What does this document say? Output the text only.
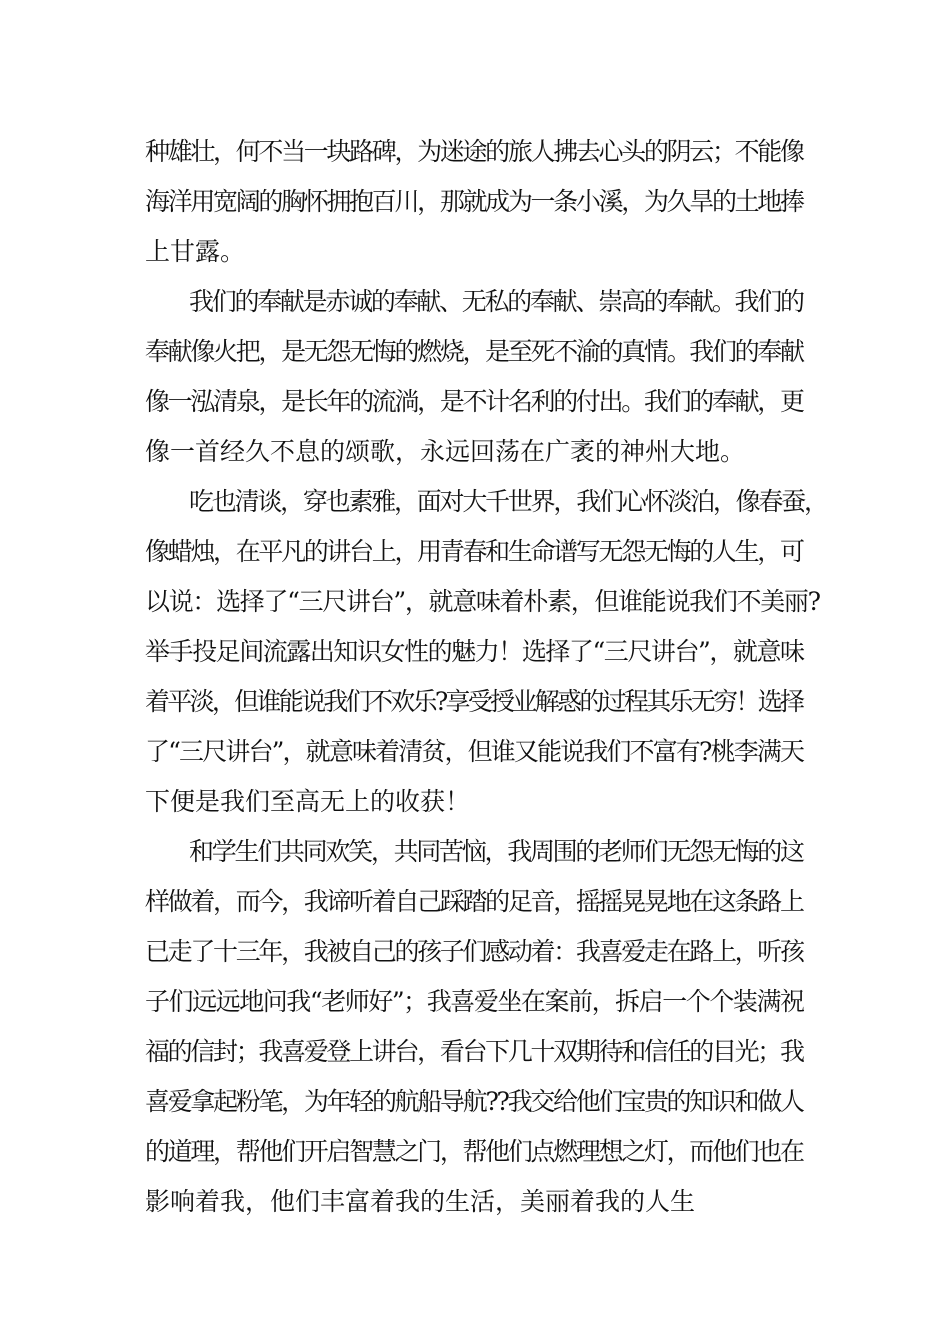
种雄壮，何不当一块路碑，为迷途的旅人拂去心头的阴云；不能像
海洋用宽阔的胸怀拥抱百川，那就成为一条小溪，为久旱的土地捧
上甘露。
我们的奉献是赤诚的奉献、无私的奉献、崇高的奉献。我们的
奉献像火把，是无怨无悔的燃烧，是至死不渝的真情。我们的奉献
像一泓清泉，是长年的流淌，是不计名利的付出。我们的奉献，更
像一首经久不息的颂歌，永远回荡在广袤的神州大地。
吃也清谈，穿也素雅，面对大千世界，我们心怀淡泊，像春蚕，
像蜡烛，在平凡的讲台上，用青春和生命谱写无怨无悔的人生，可
以说：选择了“三尺讲台”，就意味着朴素，但谁能说我们不美丽?
举手投足间流露出知识女性的魅力！选择了“三尺讲台”，就意味
着平淡，但谁能说我们不欢乐?享受授业解惑的过程其乐无穷！选择
了“三尺讲台”，就意味着清贫，但谁又能说我们不富有?桃李满天
下便是我们至高无上的收获！
和学生们共同欢笑，共同苦恼，我周围的老师们无怨无悔的这
样做着，而今，我谛听着自己踩踏的足音，摇摇晃晃地在这条路上
已走了十三年，我被自己的孩子们感动着：我喜爱走在路上，听孩
子们远远地问我“老师好”；我喜爱坐在案前，拆启一个个装满祝
福的信封；我喜爱登上讲台，看台下几十双期待和信任的目光；我
喜爱拿起粉笔，为年轻的航船导航??我交给他们宝贵的知识和做人
的道理，帮他们开启智慧之门，帮他们点燃理想之灯，而他们也在
影响着我，他们丰富着我的生活，美丽着我的人生
